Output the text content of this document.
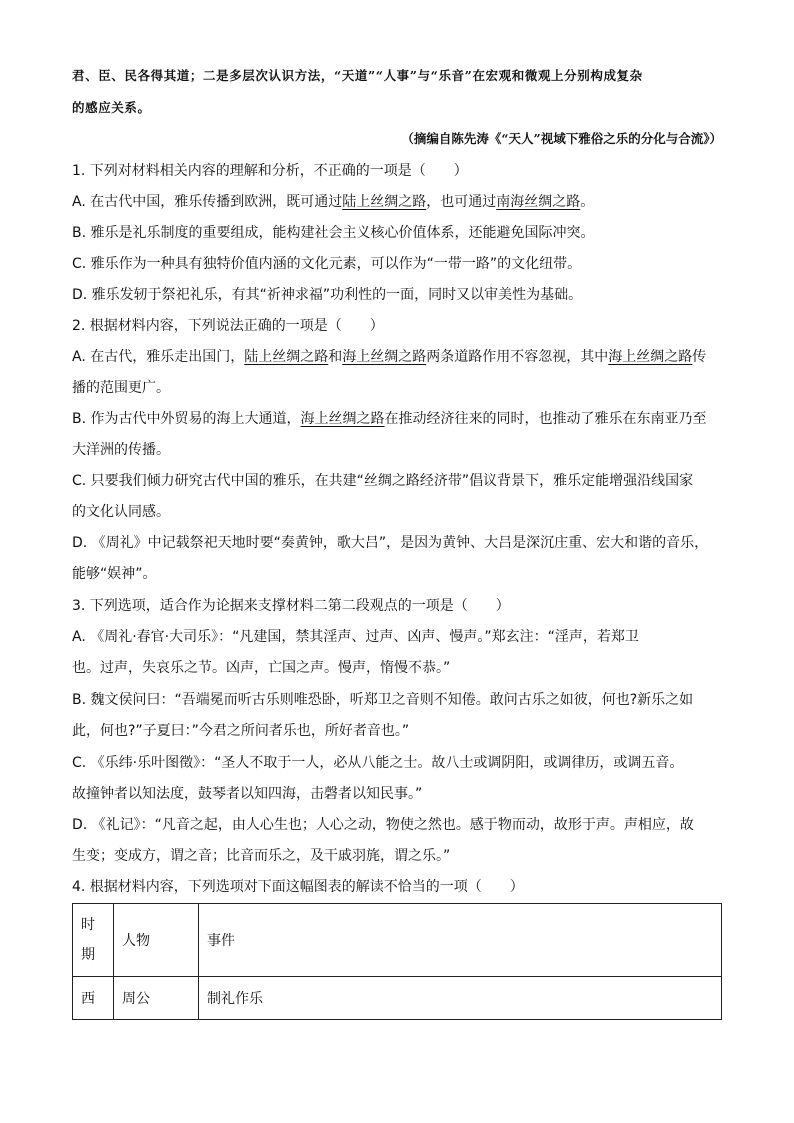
君、臣、民各得其道；二是多层次认识方法，“天道”“人事”与“乐音”在宏观和微观上分别构成复杂
的感应关系。
（摘编自陈先涛《“天人”视域下雅俗之乐的分化与合流》）
1. 下列对材料相关内容的理解和分析，不正确的一项是（　　）
A. 在古代中国，雅乐传播到欧洲，既可通过陆上丝绸之路，也可通过南海丝绸之路。
B. 雅乐是礼乐制度的重要组成，能构建社会主义核心价值体系，还能避免国际冲突。
C. 雅乐作为一种具有独特价值内涵的文化元素，可以作为“一带一路”的文化纽带。
D. 雅乐发轫于祭祀礼乐，有其“祈神求福”功利性的一面，同时又以审美性为基础。
2. 根据材料内容，下列说法正确的一项是（　　）
A. 在古代，雅乐走出国门，陆上丝绸之路和海上丝绸之路两条道路作用不容忽视，其中海上丝绸之路传
播的范围更广。
B. 作为古代中外贸易的海上大通道，海上丝绸之路在推动经济往来的同时，也推动了雅乐在东南亚乃至
大洋洲的传播。
C. 只要我们倾力研究古代中国的雅乐，在共建“丝绸之路经济带”倡议背景下，雅乐定能增强沿线国家
的文化认同感。
D. 《周礼》中记载祭祀天地时要“奏黄钟，歌大吕”，是因为黄钟、大吕是深沉庄重、宏大和谐的音乐，
能够“娱神”。
3. 下列选项，适合作为论据来支撑材料二第二段观点的一项是（　　）
A. 《周礼·春官·大司乐》：“凡建国，禁其淫声、过声、凶声、慢声。”郑玄注：“淫声，若郑卫
也。过声，失哀乐之节。凶声，亡国之声。慢声，惰慢不恭。”
B. 魏文侯问曰：“吾端冕而听古乐则唯恐卧，听郑卫之音则不知倦。敢问古乐之如彼，何也?新乐之如
此，何也?”子夏曰：”今君之所问者乐也，所好者音也。”
C. 《乐纬·乐叶图徵》：“圣人不取于一人，必从八能之士。故八士或调阴阳，或调律历，或调五音。
故撞钟者以知法度，鼓琴者以知四海，击磬者以知民事。”
D. 《礼记》：“凡音之起，由人心生也；人心之动，物使之然也。感于物而动，故形于声。声相应，故
生变；变成方，谓之音；比音而乐之，及干戚羽旄，谓之乐。”
4. 根据材料内容，下列选项对下面这幅图表的解读不恰当的一项（　　）
时
期	人物	事件
西	周公	制礼作乐
